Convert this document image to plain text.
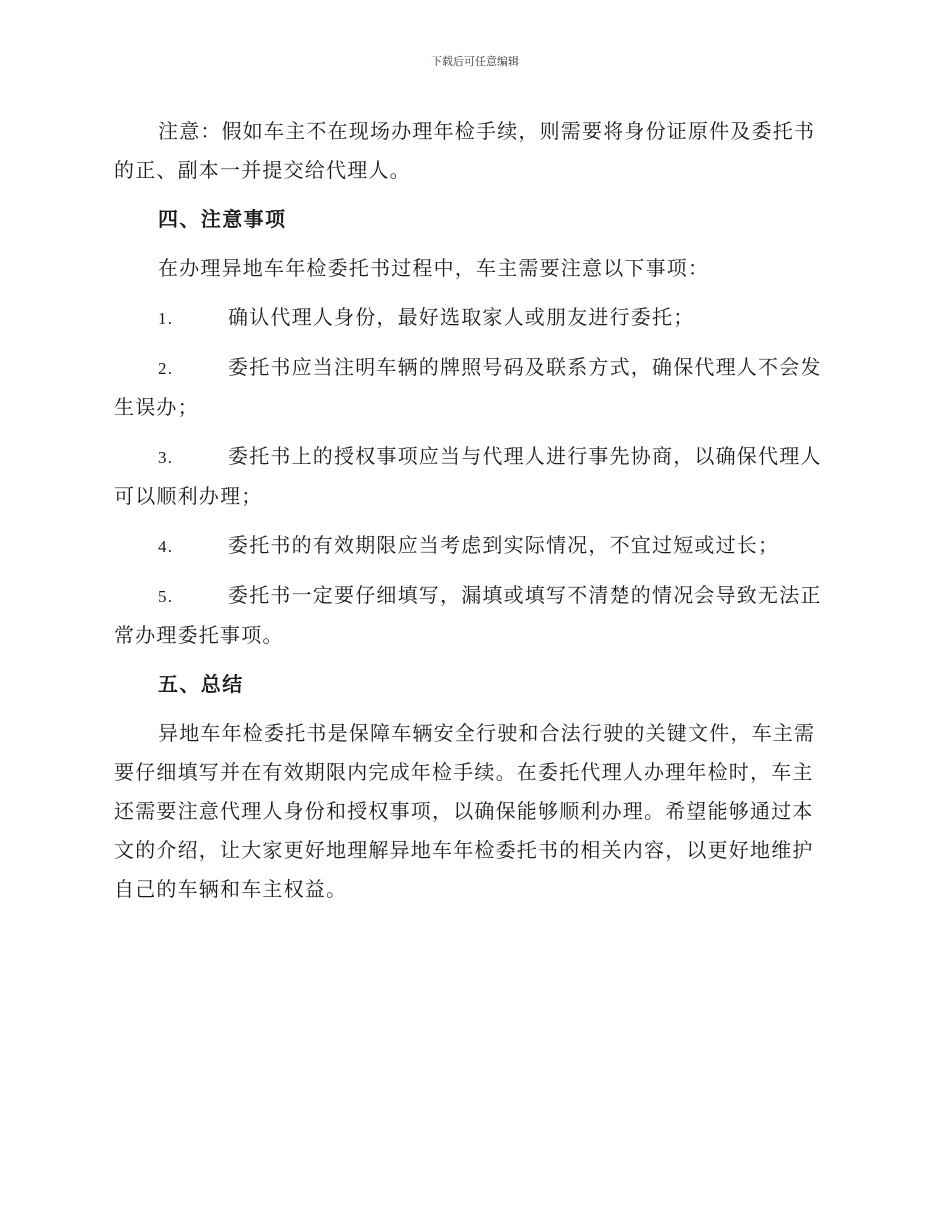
下载后可任意编辑

注意：假如车主不在现场办理年检手续，则需要将身份证原件及委托书的正、副本一并提交给代理人。

四、注意事项

在办理异地车年检委托书过程中，车主需要注意以下事项：

1.	确认代理人身份，最好选取家人或朋友进行委托；

2.	委托书应当注明车辆的牌照号码及联系方式，确保代理人不会发生误办；

3.	委托书上的授权事项应当与代理人进行事先协商，以确保代理人可以顺利办理；

4.	委托书的有效期限应当考虑到实际情况，不宜过短或过长；

5.	委托书一定要仔细填写，漏填或填写不清楚的情况会导致无法正常办理委托事项。

五、总结

异地车年检委托书是保障车辆安全行驶和合法行驶的关键文件，车主需要仔细填写并在有效期限内完成年检手续。在委托代理人办理年检时，车主还需要注意代理人身份和授权事项，以确保能够顺利办理。希望能够通过本文的介绍，让大家更好地理解异地车年检委托书的相关内容，以更好地维护自己的车辆和车主权益。
